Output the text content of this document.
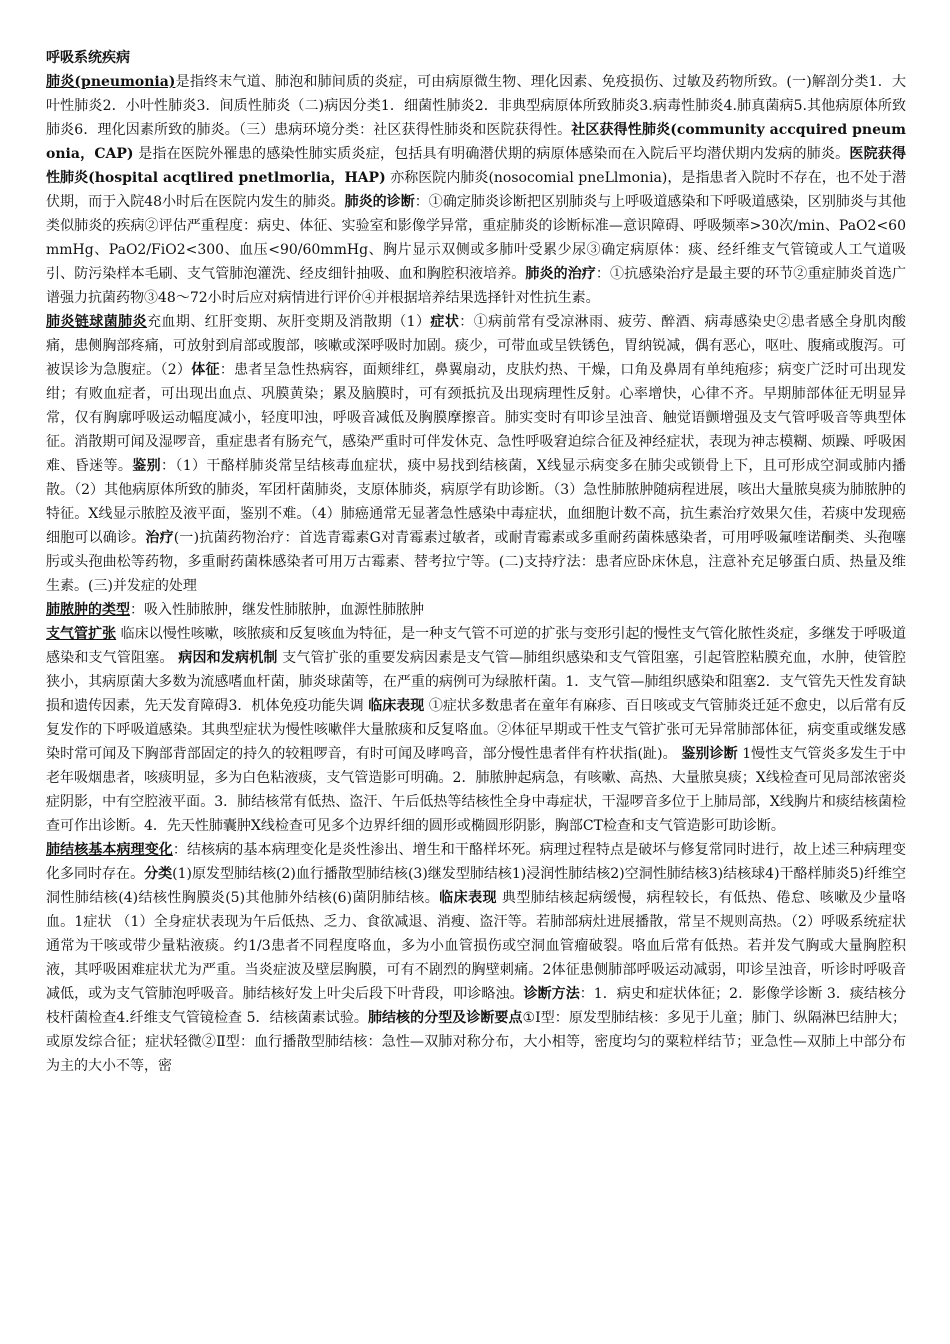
呼吸系统疾病

肺炎(pneumonia)是指终末气道、肺泡和肺间质的炎症，可由病原微生物、理化因素、免疫损伤、过敏及药物所致。(一)解剖分类1．大叶性肺炎2．小叶性肺炎3．间质性肺炎（二)病因分类1．细菌性肺炎2．非典型病原体所致肺炎3.病毒性肺炎4.肺真菌病5.其他病原体所致肺炎6．理化因素所致的肺炎。（三）患病环境分类：社区获得性肺炎和医院获得性。社区获得性肺炎(community accquired pneumonia，CAP) 是指在医院外罹患的感染性肺实质炎症，包括具有明确潜伏期的病原体感染而在入院后平均潜伏期内发病的肺炎。医院获得性肺炎(hospital acqtlired pnetlmorlia，HAP) 亦称医院内肺炎(nosocomial pneLlmonia)，是指患者入院时不存在，也不处于潜伏期，而于入院48小时后在医院内发生的肺炎。肺炎的诊断：①确定肺炎诊断把区别肺炎与上呼吸道感染和下呼吸道感染，区别肺炎与其他类似肺炎的疾病②评估严重程度：病史、体征、实验室和影像学异常，重症肺炎的诊断标准—意识障碍、呼吸频率>30次/min、PaO2<60mmHg、PaO2/FiO2<300、血压<90/60mmHg、胸片显示双侧或多肺叶受累少尿③确定病原体：痰、经纤维支气管镜或人工气道吸引、防污染样本毛刷、支气管肺泡灌洗、经皮细针抽吸、血和胸腔积液培养。肺炎的治疗：①抗感染治疗是最主要的环节②重症肺炎首选广谱强力抗菌药物③48～72小时后应对病情进行评价④并根据培养结果选择针对性抗生素。

肺炎链球菌肺炎充血期、红肝变期、灰肝变期及消散期（1）症状：①病前常有受凉淋雨、疲劳、醉酒、病毒感染史②患者感全身肌肉酸痛，患侧胸部疼痛，可放射到肩部或腹部，咳嗽或深呼吸时加剧。痰少，可带血或呈铁锈色，胃纳锐减，偶有恶心，呕吐、腹痛或腹泻。可被误诊为急腹症。（2）体征：患者呈急性热病容，面颊绯红，鼻翼扇动，皮肤灼热、干燥，口角及鼻周有单纯疱疹；病变广泛时可出现发绀；有败血症者，可出现出血点、巩膜黄染；累及脑膜时，可有颈抵抗及出现病理性反射。心率增快，心律不齐。早期肺部体征无明显异常，仅有胸廓呼吸运动幅度减小，轻度叩浊，呼吸音减低及胸膜摩擦音。肺实变时有叩诊呈浊音、触觉语颤增强及支气管呼吸音等典型体征。消散期可闻及湿啰音，重症患者有肠充气，感染严重时可伴发休克、急性呼吸窘迫综合征及神经症状，表现为神志模糊、烦躁、呼吸困难、昏迷等。鉴别：（1）干酪样肺炎常呈结核毒血症状，痰中易找到结核菌，X线显示病变多在肺尖或锁骨上下，且可形成空洞或肺内播散。（2）其他病原体所致的肺炎，军团杆菌肺炎，支原体肺炎，病原学有助诊断。（3）急性肺脓肿随病程进展，咳出大量脓臭痰为肺脓肿的特征。X线显示脓腔及液平面，鉴别不难。（4）肺癌通常无显著急性感染中毒症状，血细胞计数不高，抗生素治疗效果欠佳，若痰中发现癌细胞可以确诊。治疗(一)抗菌药物治疗：首选青霉素G对青霉素过敏者，或耐青霉素或多重耐药菌株感染者，可用呼吸氟喹诺酮类、头孢噻肟或头孢曲松等药物，多重耐药菌株感染者可用万古霉素、替考拉宁等。(二)支持疗法：患者应卧床休息，注意补充足够蛋白质、热量及维生素。(三)并发症的处理

肺脓肿的类型：吸入性肺脓肿，继发性肺脓肿，血源性肺脓肿

支气管扩张 临床以慢性咳嗽，咳脓痰和反复咳血为特征，是一种支气管不可逆的扩张与变形引起的慢性支气管化脓性炎症，多继发于呼吸道感染和支气管阻塞。 病因和发病机制 支气管扩张的重要发病因素是支气管—肺组织感染和支气管阻塞，引起管腔粘膜充血，水肿，使管腔狭小，其病原菌大多数为流感嗜血杆菌，肺炎球菌等，在严重的病例可为绿脓杆菌。1．支气管—肺组织感染和阻塞2．支气管先天性发育缺损和遗传因素，先天发育障碍3．机体免疫功能失调 临床表现 ①症状多数患者在童年有麻疹、百日咳或支气管肺炎迁延不愈史，以后常有反复发作的下呼吸道感染。其典型症状为慢性咳嗽伴大量脓痰和反复咯血。②体征早期或干性支气管扩张可无异常肺部体征，病变重或继发感染时常可闻及下胸部背部固定的持久的较粗啰音，有时可闻及哮鸣音，部分慢性患者伴有杵状指(趾)。 鉴别诊断 1慢性支气管炎多发生于中老年吸烟患者，咳痰明显，多为白色粘液痰，支气管造影可明确。2．肺脓肿起病急，有咳嗽、高热、大量脓臭痰；X线检查可见局部浓密炎症阴影，中有空腔液平面。3．肺结核常有低热、盗汗、午后低热等结核性全身中毒症状，干湿啰音多位于上肺局部，X线胸片和痰结核菌检查可作出诊断。4．先天性肺囊肿X线检查可见多个边界纤细的圆形或椭圆形阴影，胸部CT检查和支气管造影可助诊断。

肺结核基本病理变化：结核病的基本病理变化是炎性渗出、增生和干酪样坏死。病理过程特点是破坏与修复常同时进行，故上述三种病理变化多同时存在。分类(1)原发型肺结核(2)血行播散型肺结核(3)继发型肺结核1)浸润性肺结核2)空洞性肺结核3)结核球4)干酪样肺炎5)纤维空洞性肺结核(4)结核性胸膜炎(5)其他肺外结核(6)菌阴肺结核。临床表现 典型肺结核起病缓慢，病程较长，有低热、倦怠、咳嗽及少量咯血。1症状 （1）全身症状表现为午后低热、乏力、食欲减退、消瘦、盗汗等。若肺部病灶进展播散，常呈不规则高热。（2）呼吸系统症状通常为干咳或带少量粘液痰。约1/3患者不同程度咯血，多为小血管损伤或空洞血管瘤破裂。咯血后常有低热。若并发气胸或大量胸腔积液，其呼吸困难症状尤为严重。当炎症波及壁层胸膜，可有不剧烈的胸壁刺痛。2体征患侧肺部呼吸运动减弱，叩诊呈浊音，听诊时呼吸音减低，或为支气管肺泡呼吸音。肺结核好发上叶尖后段下叶背段，叩诊略浊。诊断方法：1．病史和症状体征；2．影像学诊断 3．痰结核分枝杆菌检查4.纤维支气管镜检查 5．结核菌素试验。肺结核的分型及诊断要点①Ⅰ型：原发型肺结核：多见于儿童；肺门、纵隔淋巴结肿大；或原发综合征；症状轻微②Ⅱ型：血行播散型肺结核：急性—双肺对称分布，大小相等，密度均匀的粟粒样结节；亚急性—双肺上中部分布为主的大小不等，密
